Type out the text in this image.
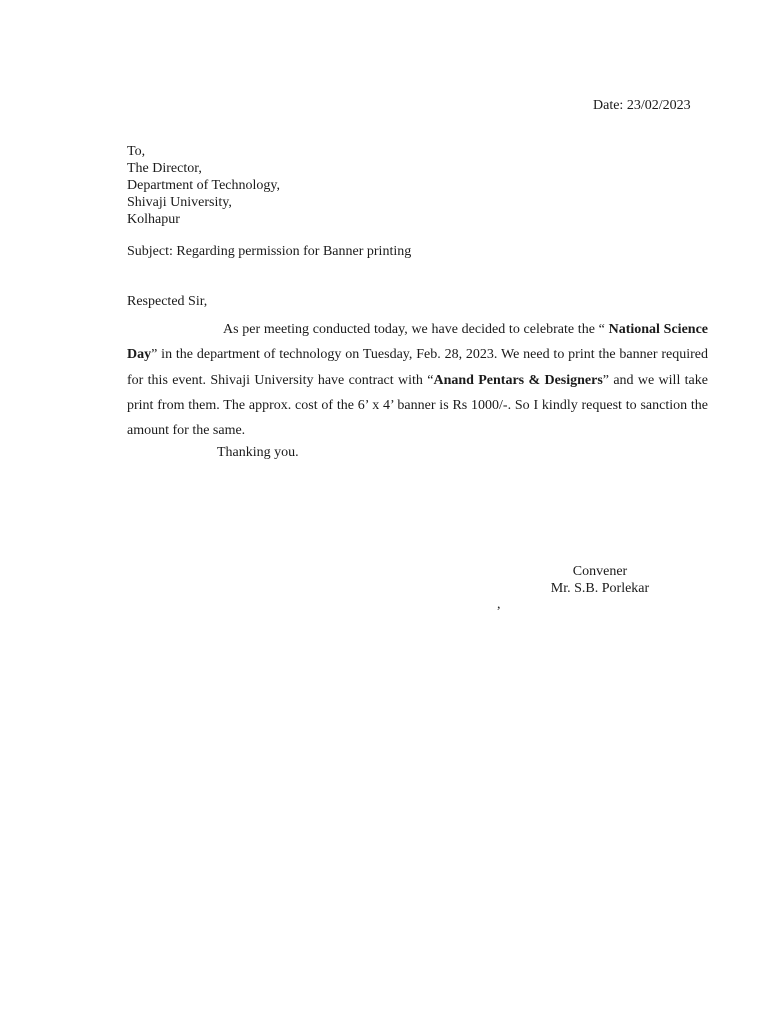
Date: 23/02/2023
To,
The Director,
Department of Technology,
Shivaji University,
Kolhapur
Subject: Regarding permission for Banner printing
Respected Sir,

As per meeting conducted today, we have decided to celebrate the “ National Science Day” in the department of technology on Tuesday, Feb. 28, 2023. We need to print the banner required for this event. Shivaji University have contract with “Anand Pentars & Designers” and we will take print from them. The approx. cost of the 6’ x 4’ banner is Rs 1000/-. So I kindly request to sanction the amount for the same.

Thanking you.
Convener
Mr. S.B. Porlekar
,
